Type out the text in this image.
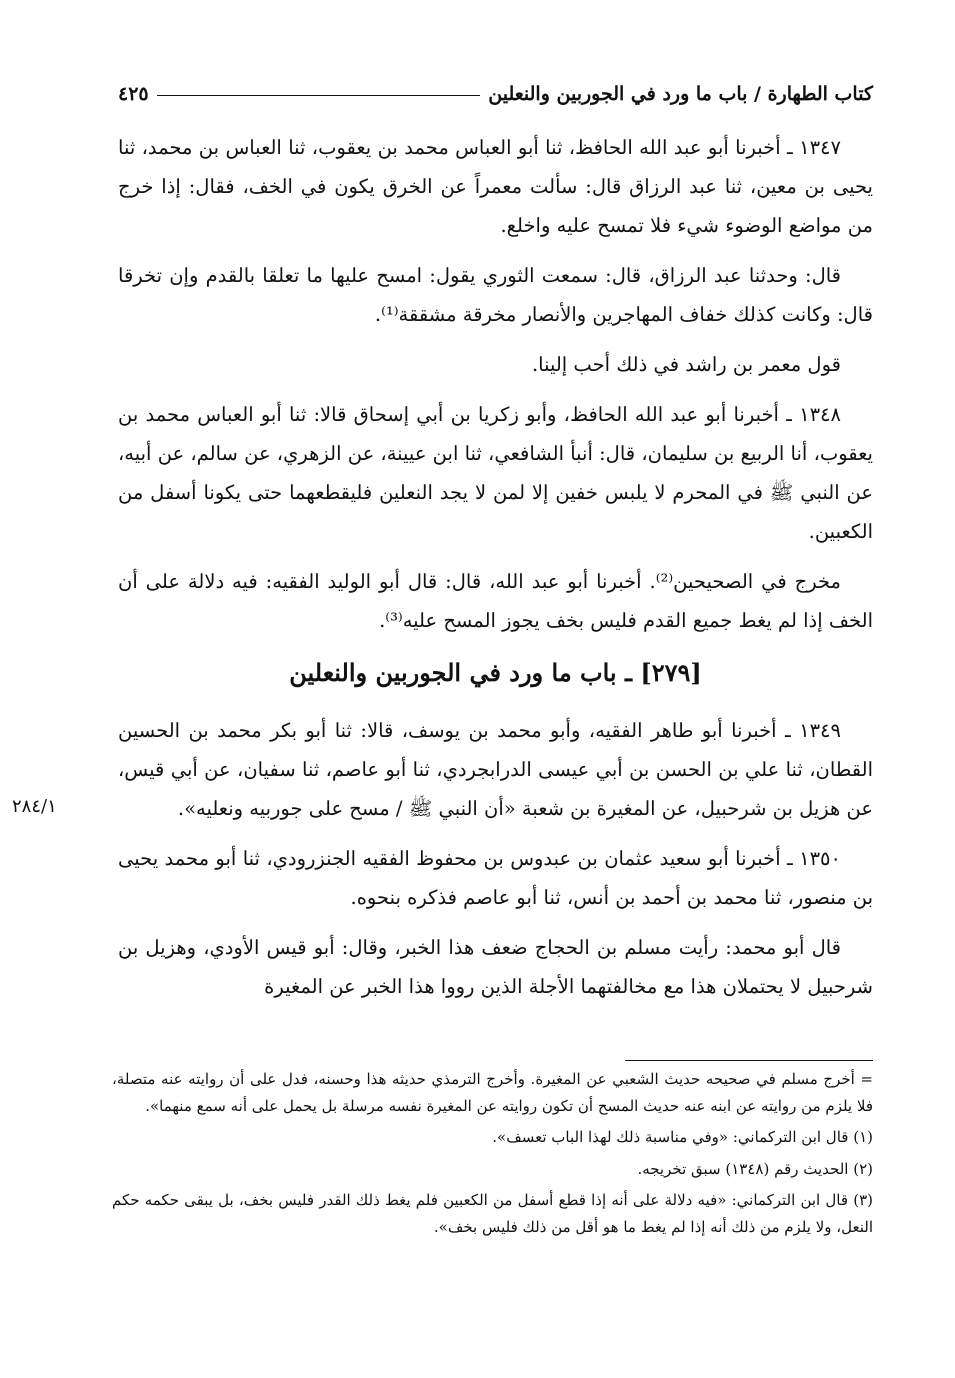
كتاب الطهارة / باب ما ورد في الجوربين والنعلين
٤٢٥

١٣٤٧ ـ أخبرنا أبو عبد الله الحافظ، ثنا أبو العباس محمد بن يعقوب، ثنا العباس بن محمد، ثنا يحيى بن معين، ثنا عبد الرزاق قال: سألت معمراً عن الخرق يكون في الخف، فقال: إذا خرج من مواضع الوضوء شيء فلا تمسح عليه واخلع.

قال: وحدثنا عبد الرزاق، قال: سمعت الثوري يقول: امسح عليها ما تعلقا بالقدم وإن تخرقا قال: وكانت كذلك خفاف المهاجرين والأنصار مخرقة مشققة⁽¹⁾.

قول معمر بن راشد في ذلك أحب إلينا.

١٣٤٨ ـ أخبرنا أبو عبد الله الحافظ، وأبو زكريا بن أبي إسحاق قالا: ثنا أبو العباس محمد بن يعقوب، أنا الربيع بن سليمان، قال: أنبأ الشافعي، ثنا ابن عيينة، عن الزهري، عن سالم، عن أبيه، عن النبي ﷺ في المحرم لا يلبس خفين إلا لمن لا يجد النعلين فليقطعهما حتى يكونا أسفل من الكعبين.

مخرج في الصحيحين⁽²⁾. أخبرنا أبو عبد الله، قال: قال أبو الوليد الفقيه: فيه دلالة على أن الخف إذا لم يغط جميع القدم فليس بخف يجوز المسح عليه⁽³⁾.

[٢٧٩] ـ باب ما ورد في الجوربين والنعلين

١٣٤٩ ـ أخبرنا أبو طاهر الفقيه، وأبو محمد بن يوسف، قالا: ثنا أبو بكر محمد بن الحسين القطان، ثنا علي بن الحسن بن أبي عيسى الدرابجردي، ثنا أبو عاصم، ثنا سفيان، عن أبي قيس، عن هزيل بن شرحبيل، عن المغيرة بن شعبة «أن النبي ﷺ / مسح على جوربيه ونعليه».

١٣٥٠ ـ أخبرنا أبو سعيد عثمان بن عبدوس بن محفوظ الفقيه الجنزرودي، ثنا أبو محمد يحيى بن منصور، ثنا محمد بن أحمد بن أنس، ثنا أبو عاصم فذكره بنحوه.

قال أبو محمد: رأيت مسلم بن الحجاج ضعف هذا الخبر، وقال: أبو قيس الأودي، وهزيل بن شرحبيل لا يحتملان هذا مع مخالفتهما الأجلة الذين رووا هذا الخبر عن المغيرة

٢٨٤/١

= أخرج مسلم في صحيحه حديث الشعبي عن المغيرة. وأخرج الترمذي حديثه هذا وحسنه، فدل على أن روايته عنه متصلة، فلا يلزم من روايته عن ابنه عنه حديث المسح أن تكون روايته عن المغيرة نفسه مرسلة بل يحمل على أنه سمع منهما».

(١) قال ابن التركماني: «وفي مناسبة ذلك لهذا الباب تعسف».

(٢) الحديث رقم (١٣٤٨) سبق تخريجه.

(٣) قال ابن التركماني: «فيه دلالة على أنه إذا قطع أسفل من الكعبين فلم يغط ذلك القدر فليس بخف، بل يبقى حكمه حكم النعل، ولا يلزم من ذلك أنه إذا لم يغط ما هو أقل من ذلك فليس بخف».
